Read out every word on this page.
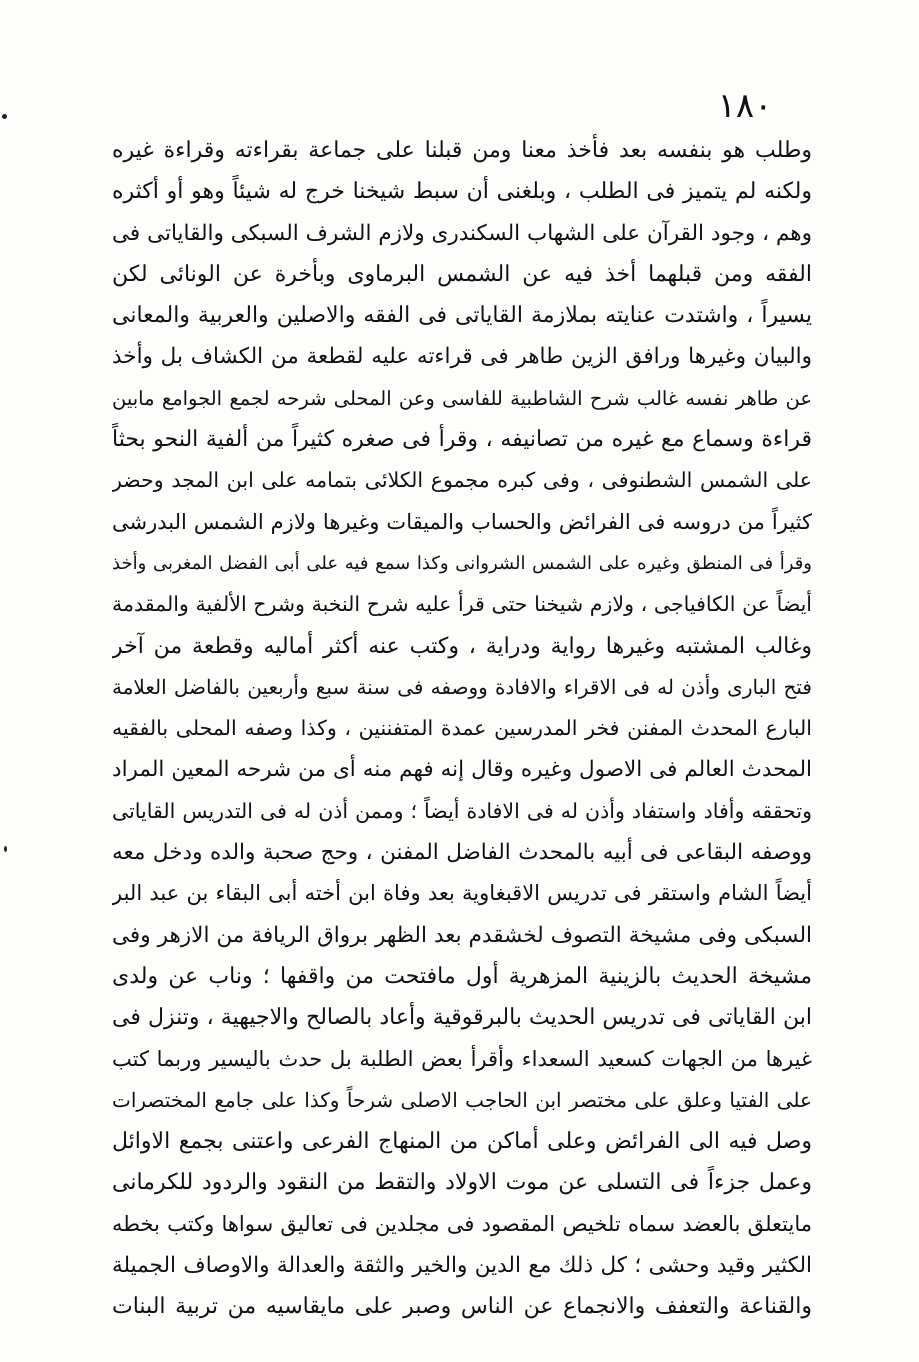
١٨٠
وطلب هو بنفسه بعد فأخذ معنا ومن قبلنا على جماعة بقراءته وقراءة غيره
ولكنه لم يتميز فى الطلب ، وبلغنى أن سبط شيخنا خرج له شيئاً وهو أو أكثره
وهم ، وجود القرآن على الشهاب السكندرى ولازم الشرف السبكى والقاياتى فى
الفقه ومن قبلهما أخذ فيه عن الشمس البرماوى وبأخرة عن الونائى لكن
يسيراً ، واشتدت عنايته بملازمة القاياتى فى الفقه والاصلين والعربية والمعانى
والبيان وغيرها ورافق الزين طاهر فى قراءته عليه لقطعة من الكشاف بل وأخذ
عن طاهر نفسه غالب شرح الشاطبية للفاسى وعن المحلى شرحه لجمع الجوامع مابين
قراءة وسماع مع غيره من تصانيفه ، وقرأ فى صغره كثيراً من ألفية النحو بحثاً
على الشمس الشطنوفى ، وفى كبره مجموع الكلائى بتمامه على ابن المجد وحضر
كثيراً من دروسه فى الفرائض والحساب والميقات وغيرها ولازم الشمس البدرشى
وقرأ فى المنطق وغيره على الشمس الشروانى وكذا سمع فيه على أبى الفضل المغربى وأخذ
أيضاً عن الكافياجى ، ولازم شيخنا حتى قرأ عليه شرح النخبة وشرح الألفية والمقدمة
وغالب المشتبه وغيرها رواية ودراية ، وكتب عنه أكثر أماليه وقطعة من آخر
فتح البارى وأذن له فى الاقراء والافادة ووصفه فى سنة سبع وأربعين بالفاضل العلامة
البارع المحدث المفنن فخر المدرسين عمدة المتفننين ، وكذا وصفه المحلى بالفقيه
المحدث العالم فى الاصول وغيره وقال إنه فهم منه أى من شرحه المعين المراد
وتحققه وأفاد واستفاد وأذن له فى الافادة أيضاً ؛ وممن أذن له فى التدريس القاياتى
ووصفه البقاعى فى أبيه بالمحدث الفاضل المفنن ، وحج صحبة والده ودخل معه
أيضاً الشام واستقر فى تدريس الاقبغاوية بعد وفاة ابن أخته أبى البقاء بن عبد البر
السبكى وفى مشيخة التصوف لخشقدم بعد الظهر برواق الريافة من الازهر وفى
مشيخة الحديث بالزينية المزهرية أول مافتحت من واقفها ؛ وناب عن ولدى
ابن القاياتى فى تدريس الحديث بالبرقوقية وأعاد بالصالح والاجيهية ، وتنزل فى
غيرها من الجهات كسعيد السعداء وأقرأ بعض الطلبة بل حدث باليسير وربما كتب
على الفتيا وعلق على مختصر ابن الحاجب الاصلى شرحاً وكذا على جامع المختصرات
وصل فيه الى الفرائض وعلى أماكن من المنهاج الفرعى واعتنى بجمع الاوائل
وعمل جزءاً فى التسلى عن موت الاولاد والتقط من النقود والردود للكرمانى
مايتعلق بالعضد سماه تلخيص المقصود فى مجلدين فى تعاليق سواها وكتب بخطه
الكثير وقيد وحشى ؛ كل ذلك مع الدين والخير والثقة والعدالة والاوصاف الجميلة
والقناعة والتعفف والانجماع عن الناس وصبر على مايقاسيه من تربية البنات
